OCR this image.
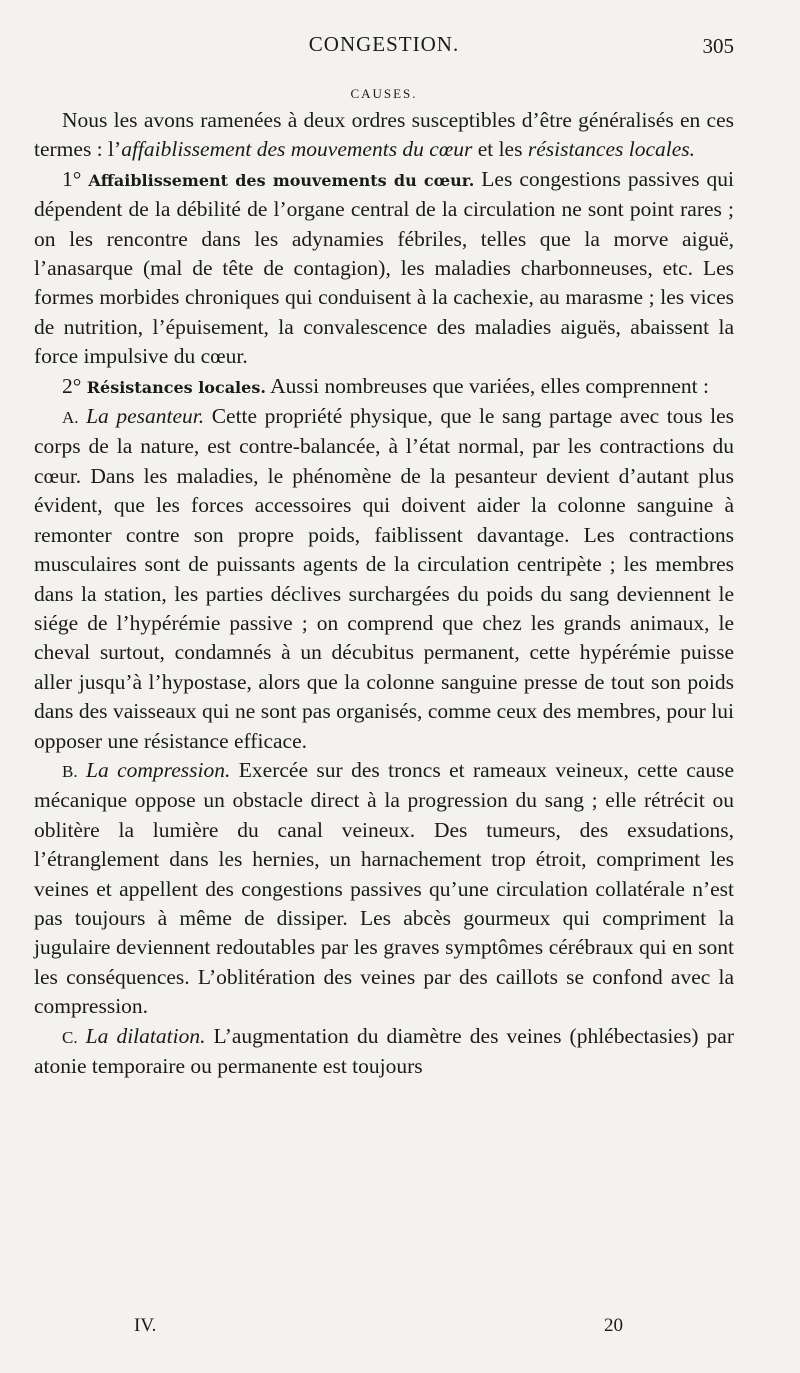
CONGESTION.	305
CAUSES.

Nous les avons ramenées à deux ordres susceptibles d’être généralisés en ces termes : l’affaiblissement des mouvements du cœur et les résistances locales.

1° Affaiblissement des mouvements du cœur. Les congestions passives qui dépendent de la débilité de l’organe central de la circulation ne sont point rares ; on les rencontre dans les adynamies fébriles, telles que la morve aiguë, l’anasarque (mal de tête de contagion), les maladies charbonneuses, etc. Les formes morbides chroniques qui conduisent à la cachexie, au marasme ; les vices de nutrition, l’épuisement, la convalescence des maladies aiguës, abaissent la force impulsive du cœur.

2° Résistances locales. Aussi nombreuses que variées, elles comprennent :

A. La pesanteur. Cette propriété physique, que le sang partage avec tous les corps de la nature, est contre-balancée, à l’état normal, par les contractions du cœur. Dans les maladies, le phénomène de la pesanteur devient d’autant plus évident, que les forces accessoires qui doivent aider la colonne sanguine à remonter contre son propre poids, faiblissent davantage. Les contractions musculaires sont de puissants agents de la circulation centripète ; les membres dans la station, les parties déclives surchargées du poids du sang deviennent le siége de l’hypérémie passive ; on comprend que chez les grands animaux, le cheval surtout, condamnés à un décubitus permanent, cette hypérémie puisse aller jusqu’à l’hypostase, alors que la colonne sanguine presse de tout son poids dans des vaisseaux qui ne sont pas organisés, comme ceux des membres, pour lui opposer une résistance efficace.

B. La compression. Exercée sur des troncs et rameaux veineux, cette cause mécanique oppose un obstacle direct à la progression du sang ; elle rétrécit ou oblitère la lumière du canal veineux. Des tumeurs, des exsudations, l’étranglement dans les hernies, un harnachement trop étroit, compriment les veines et appellent des congestions passives qu’une circulation collatérale n’est pas toujours à même de dissiper. Les abcès gourmeux qui compriment la jugulaire deviennent redoutables par les graves symptômes cérébraux qui en sont les conséquences. L’oblitération des veines par des caillots se confond avec la compression.

C. La dilatation. L’augmentation du diamètre des veines (phlébectasies) par atonie temporaire ou permanente est toujours

IV.	20
